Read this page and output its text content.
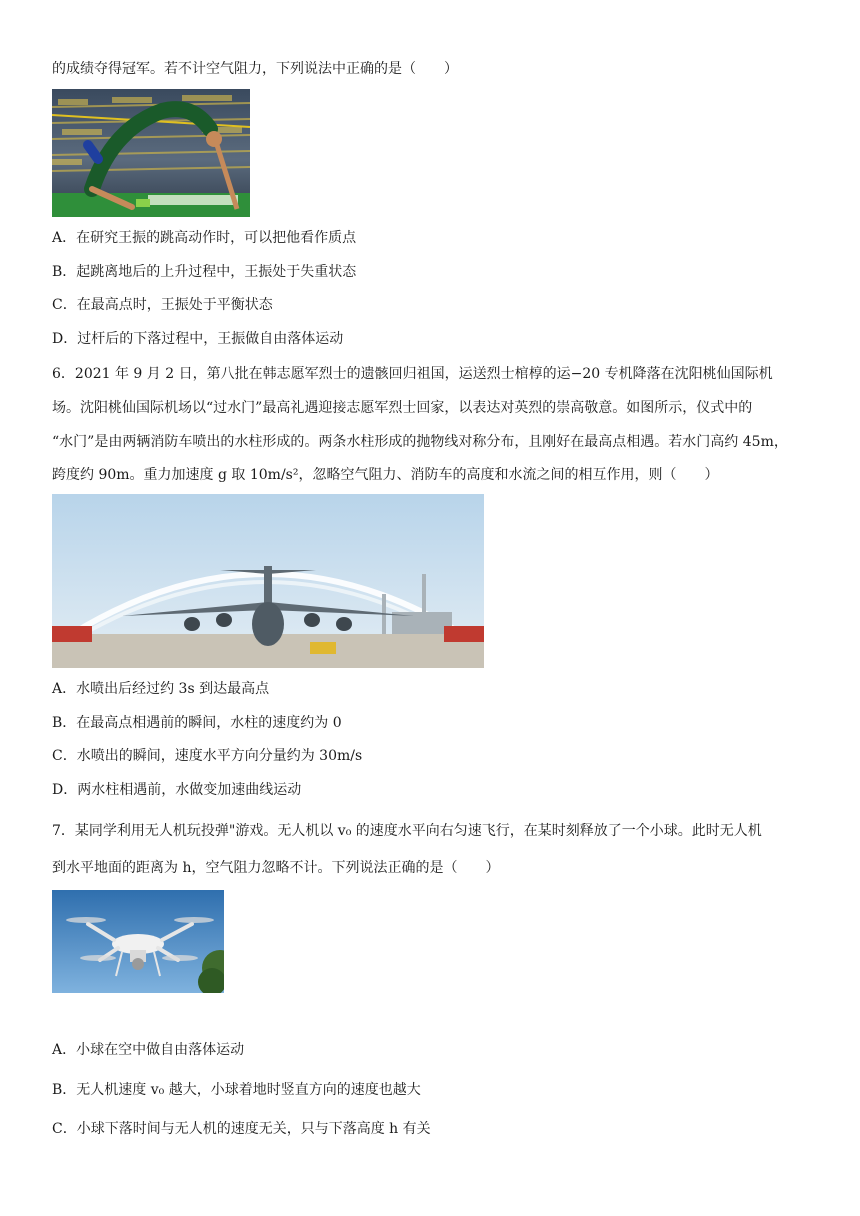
的成绩夺得冠军。若不计空气阻力，下列说法中正确的是（　　）
A．在研究王振的跳高动作时，可以把他看作质点
B．起跳离地后的上升过程中，王振处于失重状态
C．在最高点时，王振处于平衡状态
D．过杆后的下落过程中，王振做自由落体运动
6．2021 年 9 月 2 日，第八批在韩志愿军烈士的遗骸回归祖国，运送烈士棺椁的运−20 专机降落在沈阳桃仙国际机
场。沈阳桃仙国际机场以“过水门”最高礼遇迎接志愿军烈士回家，以表达对英烈的崇高敬意。如图所示，仪式中的
“水门”是由两辆消防车喷出的水柱形成的。两条水柱形成的抛物线对称分布，且刚好在最高点相遇。若水门高约 45m，
跨度约 90m。重力加速度 g 取 10m/s²，忽略空气阻力、消防车的高度和水流之间的相互作用，则（　　）
A．水喷出后经过约 3s 到达最高点
B．在最高点相遇前的瞬间，水柱的速度约为 0
C．水喷出的瞬间，速度水平方向分量约为 30m/s
D．两水柱相遇前，水做变加速曲线运动
7．某同学利用无人机玩投弹"游戏。无人机以 v₀ 的速度水平向右匀速飞行，在某时刻释放了一个小球。此时无人机
到水平地面的距离为 h，空气阻力忽略不计。下列说法正确的是（　　）
A．小球在空中做自由落体运动
B．无人机速度 v₀ 越大，小球着地时竖直方向的速度也越大
C．小球下落时间与无人机的速度无关，只与下落高度 h 有关
